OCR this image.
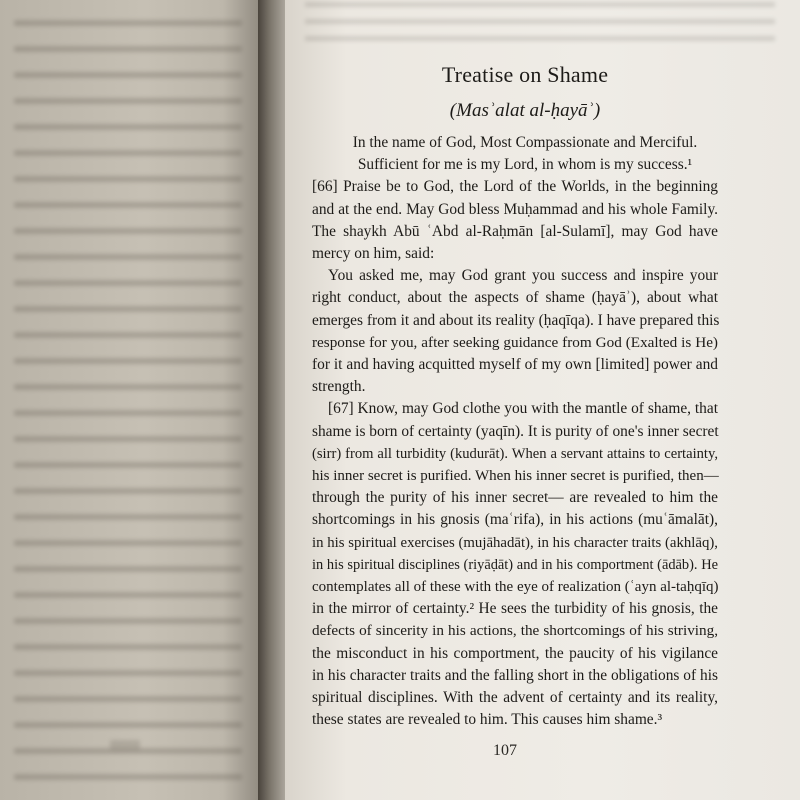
Treatise on Shame
(Masʾalat al-ḥayāʾ)

In the name of God, Most Compassionate and Merciful.

Sufficient for me is my Lord, in whom is my success.¹

[66] Praise be to God, the Lord of the Worlds, in the beginning

and at the end. May God bless Muḥammad and his whole Family.

The shaykh Abū ʿAbd al-Raḥmān [al-Sulamī], may God have

mercy on him, said:

You asked me, may God grant you success and inspire your

right conduct, about the aspects of shame (ḥayāʾ), about what

emerges from it and about its reality (ḥaqīqa). I have prepared this

response for you, after seeking guidance from God (Exalted is He)

for it and having acquitted myself of my own [limited] power and

strength.

[67] Know, may God clothe you with the mantle of shame, that

shame is born of certainty (yaqīn). It is purity of one's inner secret

(sirr) from all turbidity (kudurāt). When a servant attains to certainty,

his inner secret is purified. When his inner secret is purified, then—

through the purity of his inner secret— are revealed to him the

shortcomings in his gnosis (maʿrifa), in his actions (muʿāmalāt),

in his spiritual exercises (mujāhadāt), in his character traits (akhlāq),

in his spiritual disciplines (riyāḍāt) and in his comportment (ādāb). He

contemplates all of these with the eye of realization (ʿayn al-taḥqīq)

in the mirror of certainty.² He sees the turbidity of his gnosis, the

defects of sincerity in his actions, the shortcomings of his striving,

the misconduct in his comportment, the paucity of his vigilance

in his character traits and the falling short in the obligations of his

spiritual disciplines. With the advent of certainty and its reality,

these states are revealed to him. This causes him shame.³

107
